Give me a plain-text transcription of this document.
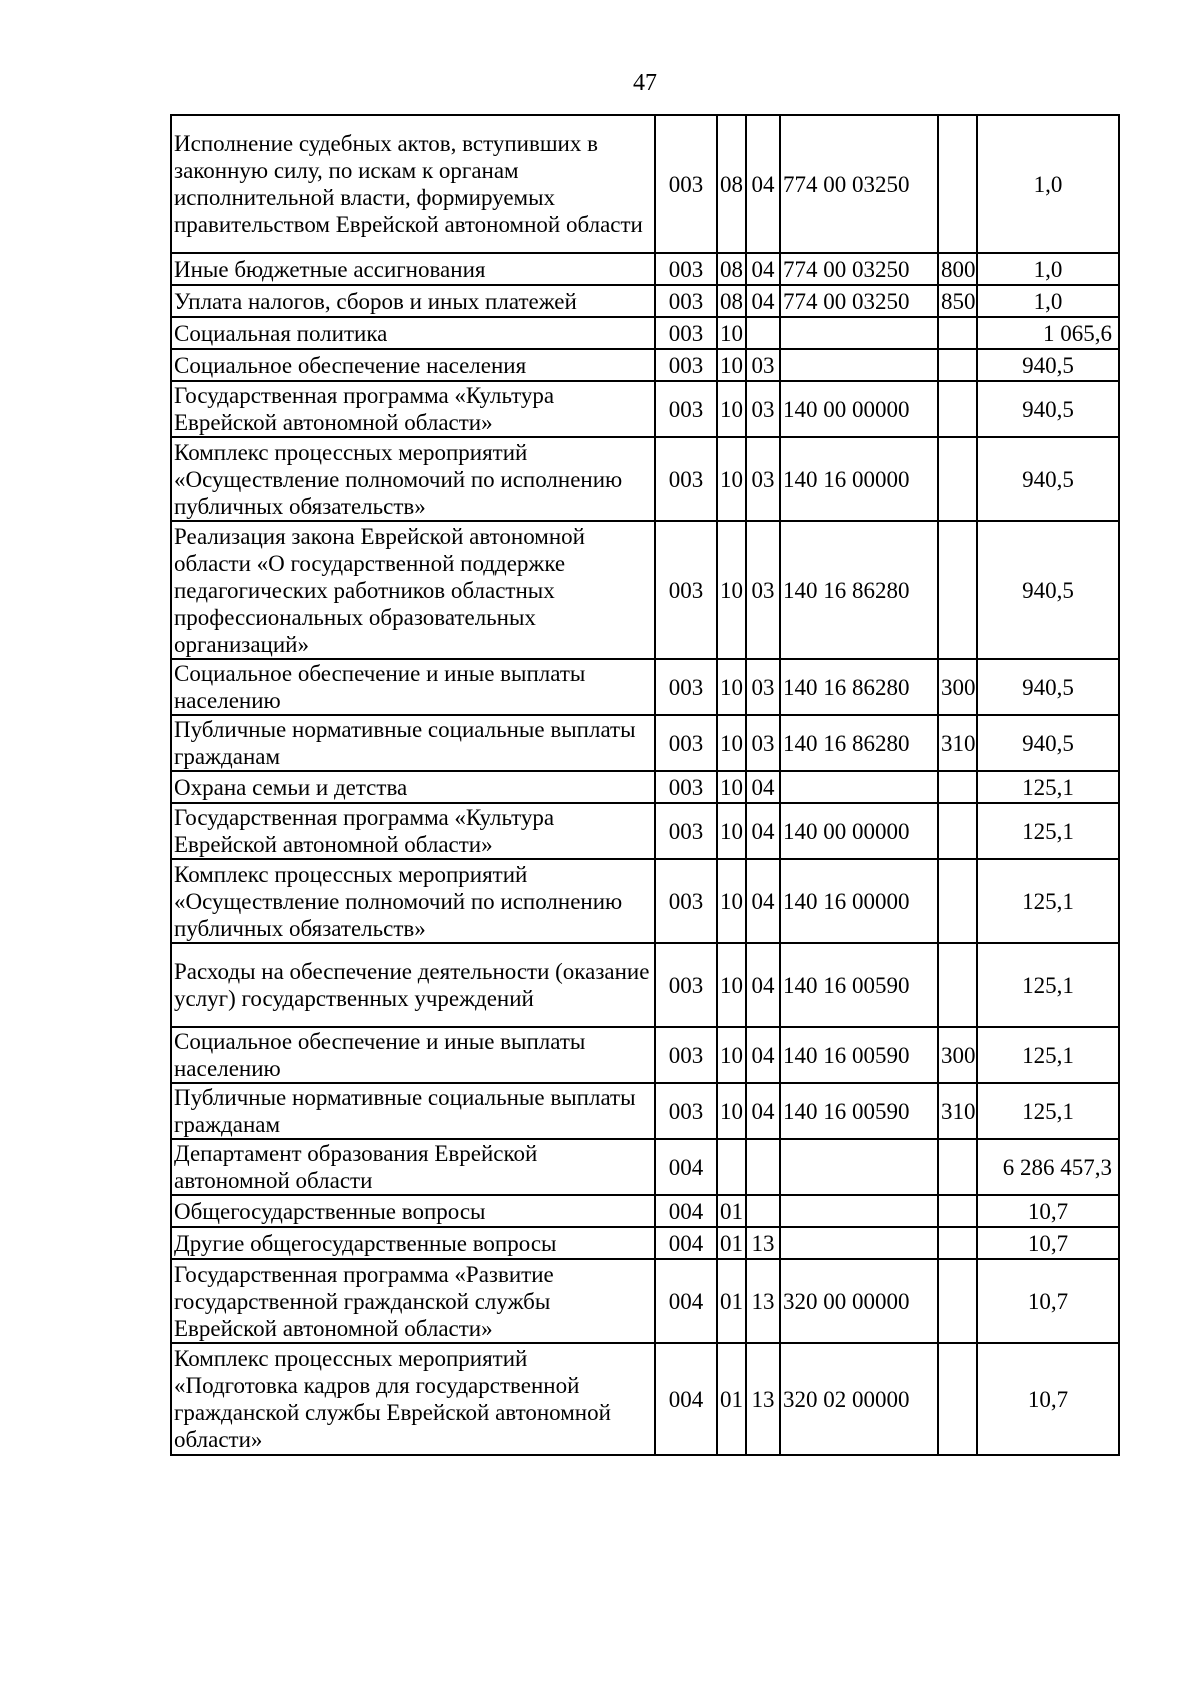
47
Исполнение судебных актов, вступивших в законную силу, по искам к органам исполнительной власти, формируемых правительством Еврейской автономной области	003	08	04	774 00 03250		1,0
Иные бюджетные ассигнования	003	08	04	774 00 03250	800	1,0
Уплата налогов, сборов и иных платежей	003	08	04	774 00 03250	850	1,0
Социальная политика	003	10				1 065,6
Социальное обеспечение населения	003	10	03			940,5
Государственная программа «Культура Еврейской автономной области»	003	10	03	140 00 00000		940,5
Комплекс процессных мероприятий «Осуществление полномочий по исполнению публичных обязательств»	003	10	03	140 16 00000		940,5
Реализация закона Еврейской автономной области «О государственной поддержке педагогических работников областных профессиональных образовательных организаций»	003	10	03	140 16 86280		940,5
Социальное обеспечение и иные выплаты населению	003	10	03	140 16 86280	300	940,5
Публичные нормативные социальные выплаты гражданам	003	10	03	140 16 86280	310	940,5
Охрана семьи и детства	003	10	04			125,1
Государственная программа «Культура Еврейской автономной области»	003	10	04	140 00 00000		125,1
Комплекс процессных мероприятий «Осуществление полномочий по исполнению публичных обязательств»	003	10	04	140 16 00000		125,1
Расходы на обеспечение деятельности (оказание услуг) государственных учреждений	003	10	04	140 16 00590		125,1
Социальное обеспечение и иные выплаты населению	003	10	04	140 16 00590	300	125,1
Публичные нормативные социальные выплаты гражданам	003	10	04	140 16 00590	310	125,1
Департамент образования Еврейской автономной области	004					6 286 457,3
Общегосударственные вопросы	004	01				10,7
Другие общегосударственные вопросы	004	01	13			10,7
Государственная программа «Развитие государственной гражданской службы Еврейской автономной области»	004	01	13	320 00 00000		10,7
Комплекс процессных мероприятий «Подготовка кадров для государственной гражданской службы Еврейской автономной области»	004	01	13	320 02 00000		10,7
